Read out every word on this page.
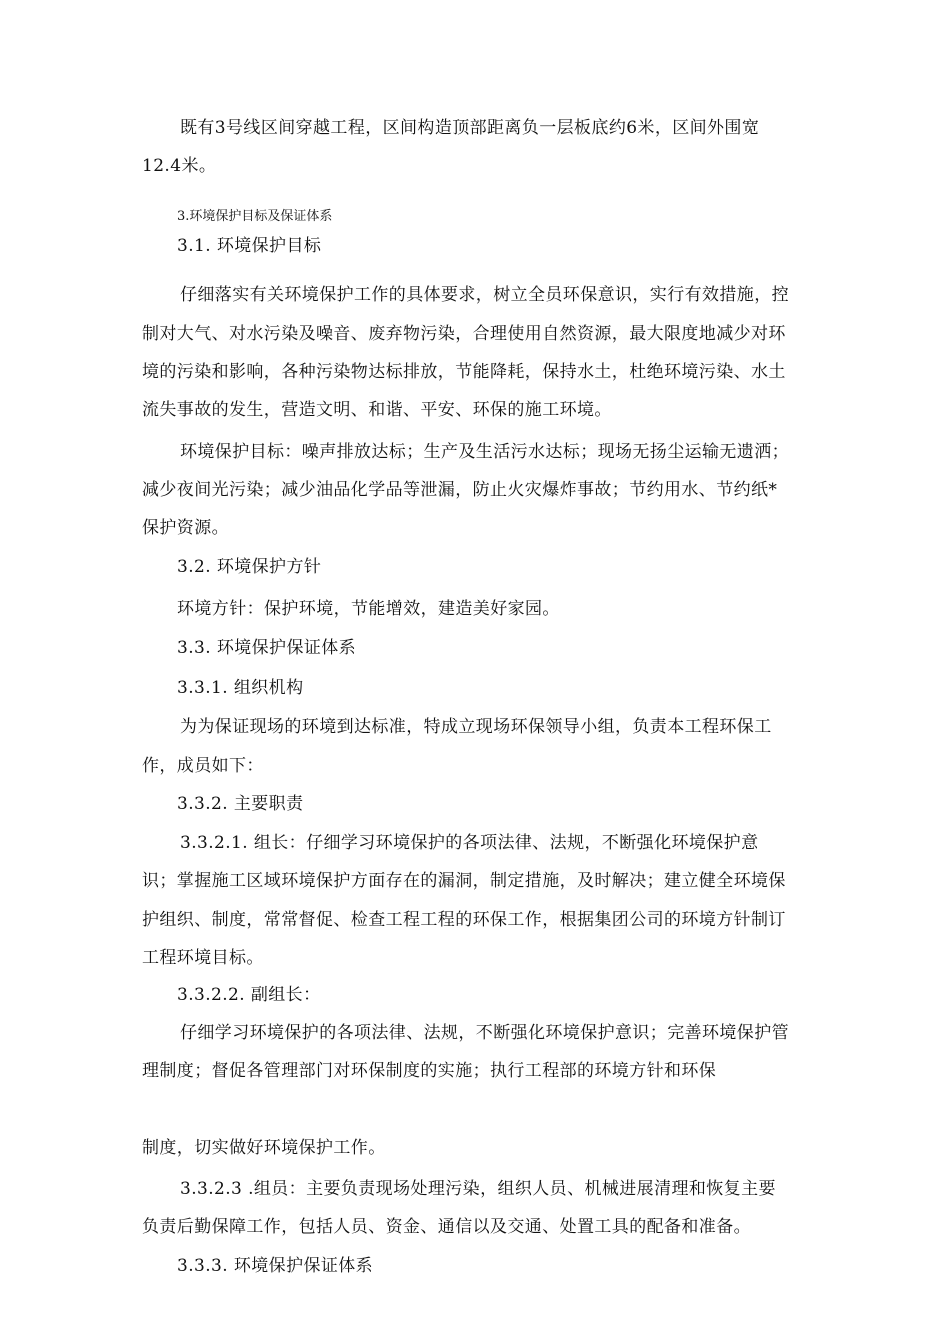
既有3号线区间穿越工程，区间构造顶部距离负一层板底约6米，区间外围宽
12.4米。
3.环境保护目标及保证体系
3.1. 环境保护目标
仔细落实有关环境保护工作的具体要求，树立全员环保意识，实行有效措施，控
制对大气、对水污染及噪音、废弃物污染，合理使用自然资源，最大限度地减少对环
境的污染和影响，各种污染物达标排放，节能降耗，保持水土，杜绝环境污染、水土
流失事故的发生，营造文明、和谐、平安、环保的施工环境。
环境保护目标：噪声排放达标；生产及生活污水达标；现场无扬尘运输无遗洒；
减少夜间光污染；减少油品化学品等泄漏，防止火灾爆炸事故；节约用水、节约纸*
保护资源。
3.2. 环境保护方针
环境方针：保护环境，节能增效，建造美好家园。
3.3. 环境保护保证体系
3.3.1. 组织机构
为为保证现场的环境到达标准，特成立现场环保领导小组，负责本工程环保工
作，成员如下：
3.3.2. 主要职责
3.3.2.1. 组长：仔细学习环境保护的各项法律、法规，不断强化环境保护意
识；掌握施工区域环境保护方面存在的漏洞，制定措施，及时解决；建立健全环境保
护组织、制度，常常督促、检查工程工程的环保工作，根据集团公司的环境方针制订
工程环境目标。
3.3.2.2. 副组长：
仔细学习环境保护的各项法律、法规，不断强化环境保护意识；完善环境保护管
理制度；督促各管理部门对环保制度的实施；执行工程部的环境方针和环保
制度，切实做好环境保护工作。
3.3.2.3 .组员：主要负责现场处理污染，组织人员、机械进展清理和恢复主要
负责后勤保障工作，包括人员、资金、通信以及交通、处置工具的配备和准备。
3.3.3. 环境保护保证体系
